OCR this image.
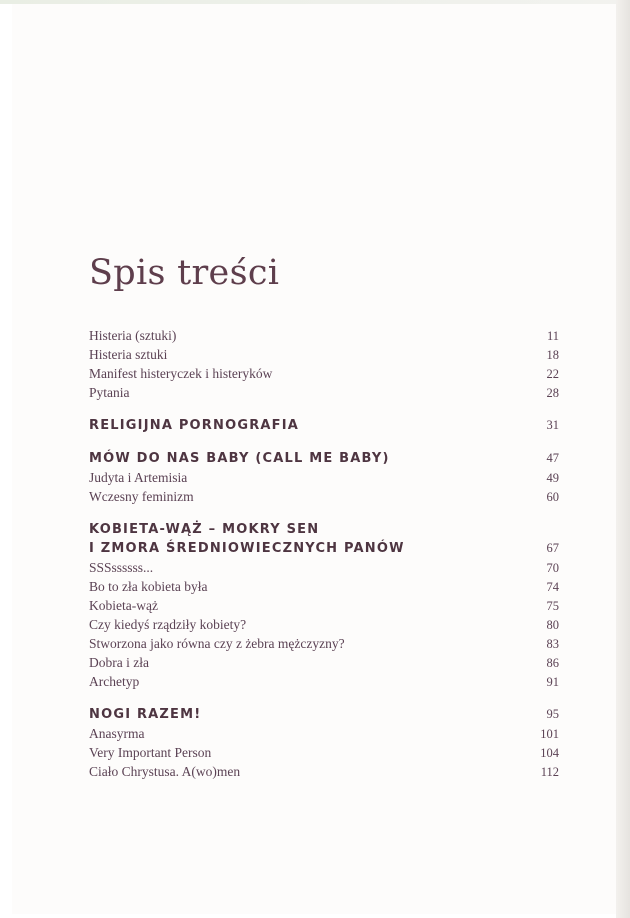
Spis treści
Histeria (sztuki)	11
Histeria sztuki	18
Manifest histeryczek i histeryków	22
Pytania	28
RELIGIJNA PORNOGRAFIA	31
MÓW DO NAS BABY (CALL ME BABY)	47
Judyta i Artemisia	49
Wczesny feminizm	60
KOBIETA-WĄŻ – MOKRY SEN
I ZMORA ŚREDNIOWIECZNYCH PANÓW	67
SSSssssss...	70
Bo to zła kobieta była	74
Kobieta-wąż	75
Czy kiedyś rządziły kobiety?	80
Stworzona jako równa czy z żebra mężczyzny?	83
Dobra i zła	86
Archetyp	91
NOGI RAZEM!	95
Anasyrma	101
Very Important Person	104
Ciało Chrystusa. A(wo)men	112
